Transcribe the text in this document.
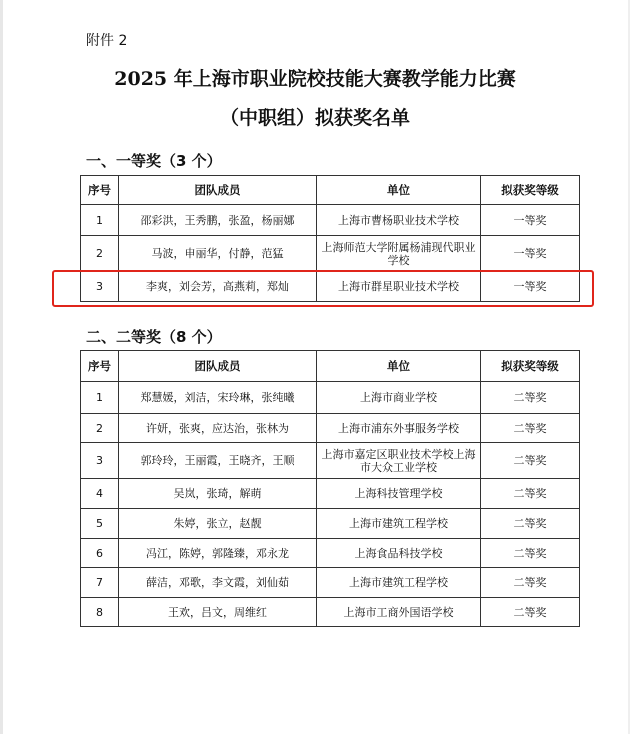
附件 2
2025 年上海市职业院校技能大赛教学能力比赛
（中职组）拟获奖名单
一、一等奖（3 个）
序号	团队成员	单位	拟获奖等级
1	邵彩洪，王秀鹏，张盈，杨丽娜	上海市曹杨职业技术学校	一等奖
2	马波，申丽华，付静，范猛	上海师范大学附属杨浦现代职业学校	一等奖
3	李爽，刘会芳，高燕莉，郑灿	上海市群星职业技术学校	一等奖
二、二等奖（8 个）
序号	团队成员	单位	拟获奖等级
1	郑慧媛，刘洁，宋玲琳，张纯曦	上海市商业学校	二等奖
2	许妍，张爽，应达治，张林为	上海市浦东外事服务学校	二等奖
3	郭玲玲，王丽霞，王晓齐，王顺	上海市嘉定区职业技术学校上海市大众工业学校	二等奖
4	吴岚，张琦，解萌	上海科技管理学校	二等奖
5	朱婷，张立，赵靓	上海市建筑工程学校	二等奖
6	冯江，陈婷，郭隆臻，邓永龙	上海食品科技学校	二等奖
7	薛洁，邓歌，李文霞，刘仙茹	上海市建筑工程学校	二等奖
8	王欢，吕文，周维红	上海市工商外国语学校	二等奖
